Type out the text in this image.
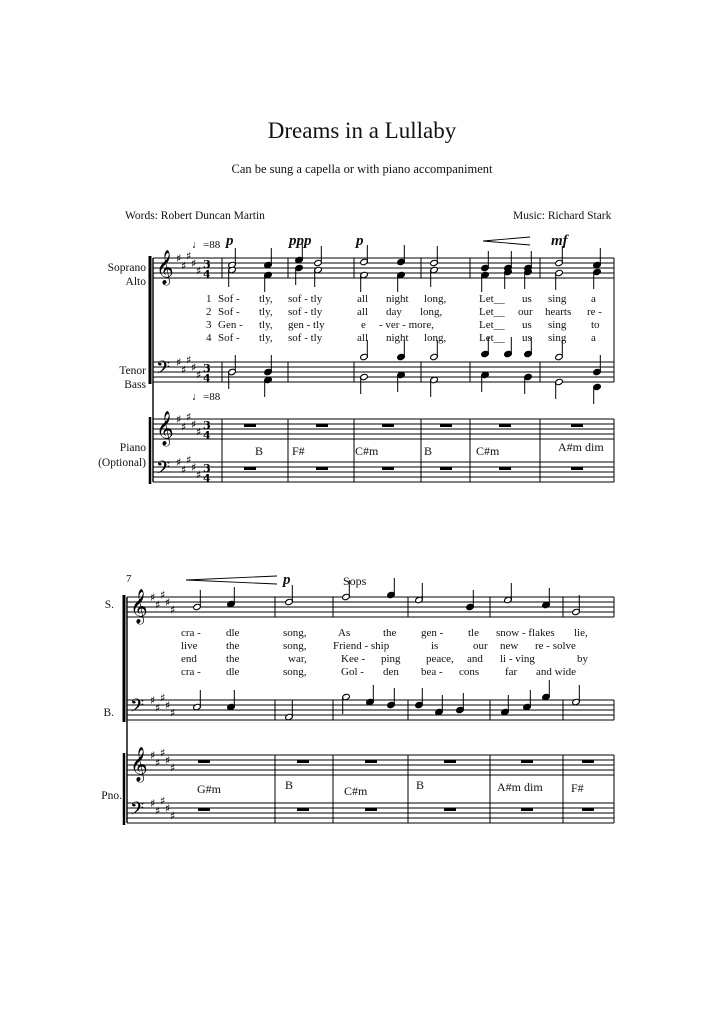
𝄞 ♯
♯
♯
♯
♯ 3
4
𝄢 ♯
♯
♯
♯
♯ 3
4
𝄞 ♯
♯
♯
♯
♯ 3
4
𝄢 ♯
♯
♯
♯
♯ 3
4
𝄞 ♯
♯
♯
♯
♯
𝄢 ♯
♯
♯
♯
♯
𝄞 ♯
♯
♯
♯
♯
𝄢 ♯
♯
♯
♯
♯
Dreams in a Lullaby
Can be sung a capella or with piano accompaniment
Words: Robert Duncan Martin	Music: Richard Stark
♩=88
♩=88
Soprano
Alto
Tenor
Bass
Piano
(Optional)
p	ppp	p	mf
1
2
3
4
Sof - tly, sof - tly	all night long,	Let__ us sing a
Sof - tly, sof - tly	all day long,	Let__ our hearts re -
Gen - tly, gen - tly	e - ver - more,	Let__ us sing to
Sof - tly, sof - tly	all night long,	Let__ us sing a
B F#	C#m	B	C#m	A#m dim
7	p	Sops
S.
B.
Pno.
cra - dle	song,	As	the gen - tle snow - flakes lie,
live	the	song, Friend - ship	is	our new re - solve
end	the	war,	Kee - ping peace, and li - ving	by
cra - dle	song,	Gol - den bea - cons far and wide
G#m	B	C#m	B	A#m dim F#
